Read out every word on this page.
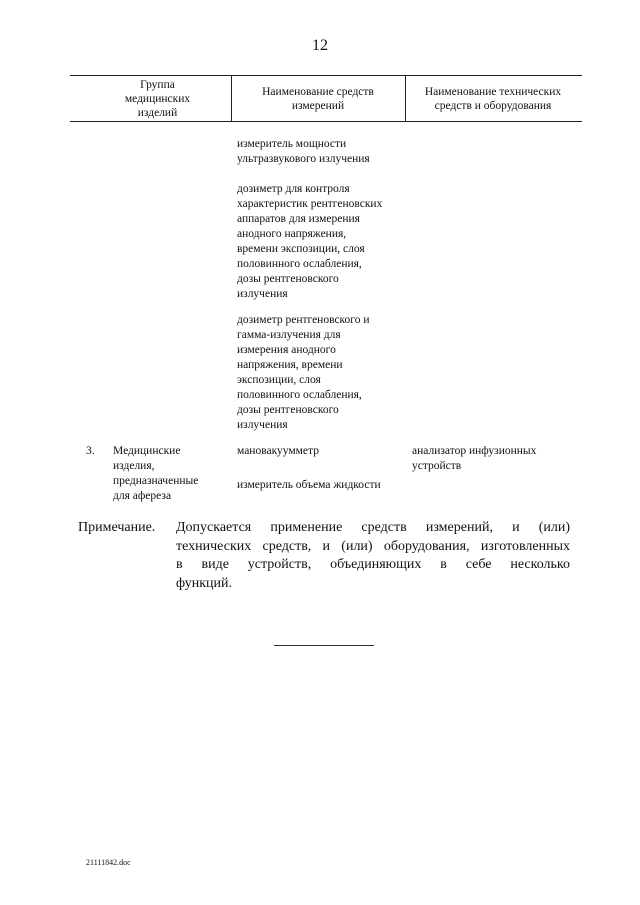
12
Группа
медицинских
изделий
Наименование средств
измерений
Наименование технических
средств и оборудования
измеритель мощности
ультразвукового излучения
дозиметр для контроля
характеристик рентгеновских
аппаратов для измерения
анодного напряжения,
времени экспозиции, слоя
половинного ослабления,
дозы рентгеновского
излучения
дозиметр рентгеновского и
гамма-излучения для
измерения анодного
напряжения, времени
экспозиции, слоя
половинного ослабления,
дозы рентгеновского
излучения
3. Медицинские
изделия,
предназначенные
для афереза
мановакуумметр
измеритель объема жидкости
анализатор инфузионных
устройств
Примечание. Допускается применение средств измерений, и (или)
технических средств, и (или) оборудования, изготовленных
в виде устройств, объединяющих в себе несколько
функций.
21111842.doc
